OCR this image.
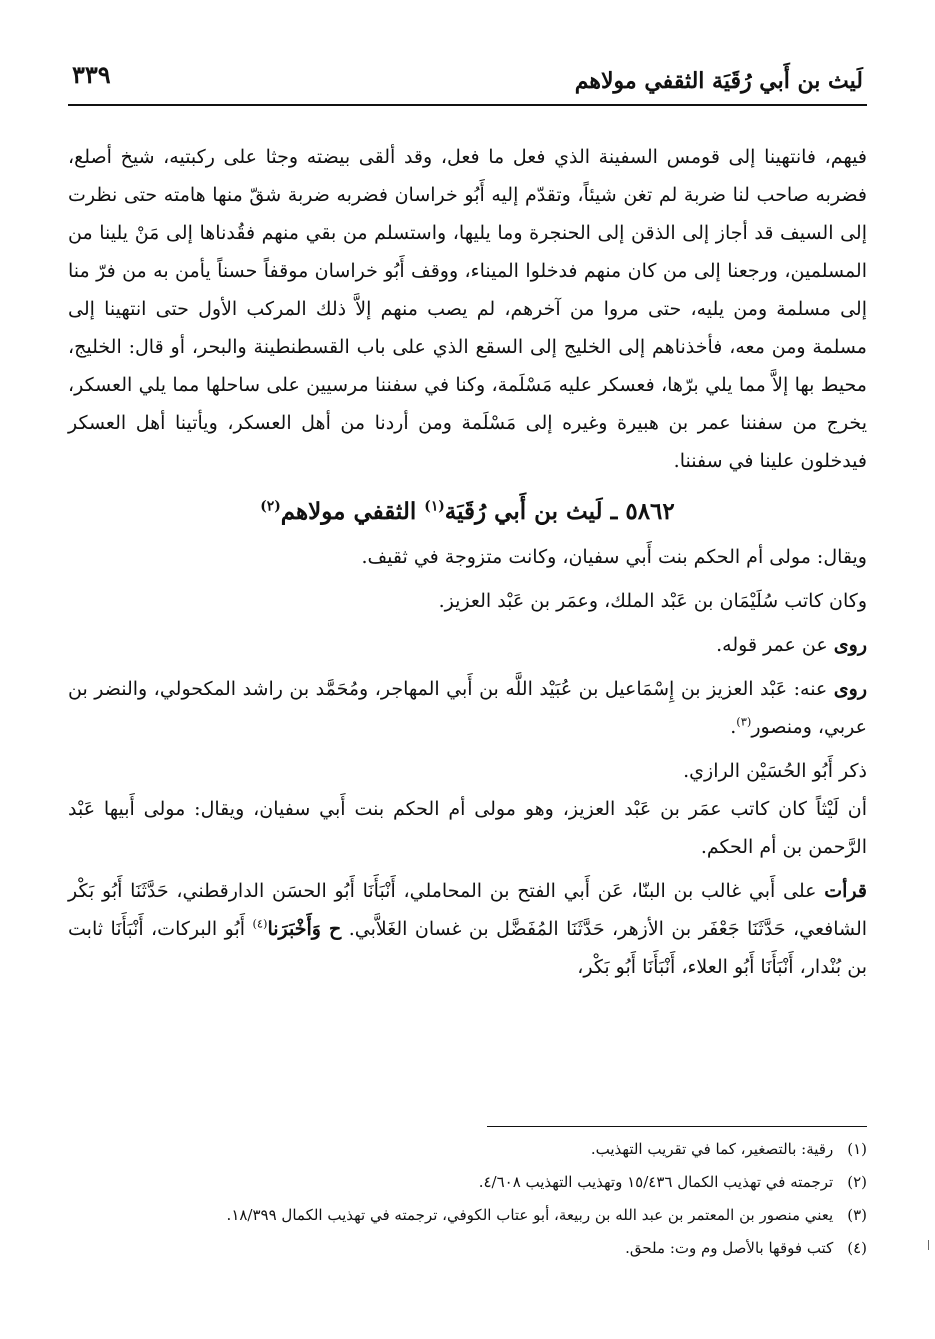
لَيث بن أَبي رُقَيَة الثقفي مولاهم
٣٣٩

فيهم، فانتهينا إلى قومس السفينة الذي فعل ما فعل، وقد ألقى بيضته وجثا على ركبتيه، شيخ أصلع، فضربه صاحب لنا ضربة لم تغن شيئاً، وتقدّم إليه أَبُو خراسان فضربه ضربة شقّ منها هامته حتى نظرت إلى السيف قد أجاز إلى الذقن إلى الحنجرة وما يليها، واستسلم من بقي منهم فقُدناها إلى مَنْ يلينا من المسلمين، ورجعنا إلى من كان منهم فدخلوا الميناء، ووقف أَبُو خراسان موقفاً حسناً يأمن به من فرّ منا إلى مسلمة ومن يليه، حتى مروا من آخرهم، لم يصب منهم إلاَّ ذلك المركب الأول حتى انتهينا إلى مسلمة ومن معه، فأخذناهم إلى الخليج إلى السقع الذي على باب القسطنطينة والبحر، أو قال: الخليج، محيط بها إلاَّ مما يلي برّها، فعسكر عليه مَسْلَمة، وكنا في سفننا مرسيين على ساحلها مما يلي العسكر، يخرج من سفننا عمر بن هبيرة وغيره إلى مَسْلَمة ومن أردنا من أهل العسكر، ويأتينا أهل العسكر فيدخلون علينا في سفننا.

٥٨٦٢ ـ لَيث بن أَبي رُقَيَة$^{(١)}$ الثقفي مولاهم$^{(٢)}$

ويقال: مولى أم الحكم بنت أَبي سفيان، وكانت متزوجة في ثقيف.

وكان كاتب سُلَيْمَان بن عَبْد الملك، وعمَر بن عَبْد العزيز.

روى عن عمر قوله.

روى عنه: عَبْد العزيز بن إِسْمَاعيل بن عُبَيْد اللَّه بن أَبي المهاجر، ومُحَمَّد بن راشد المكحولي، والنضر بن عربي، ومنصور$^{(٣)}$.

ذكر أَبُو الحُسَيْن الرازي.

أن لَيْثاً كان كاتب عمَر بن عَبْد العزيز، وهو مولى أم الحكم بنت أَبي سفيان، ويقال: مولى أَبيها عَبْد الرَّحمن بن أم الحكم.

قرأت على أَبي غالب بن البنّا، عَن أَبي الفتح بن المحاملي، أَنْبَأَنَا أَبُو الحسَن الدارقطني، حَدَّثَنَا أَبُو بَكْر الشافعي، حَدَّثَنَا جَعْفَر بن الأزهر، حَدَّثَنَا المُفَضَّل بن غسان الغَلاَّبي. ح وَأَخْبَرَنا$^{(٤)}$ أَبُو البركات، أَنْبَأَنَا ثابت بن بُنْدار، أَنْبَأَنَا أَبُو العلاء، أَنْبَأَنَا أَبُو بَكْر،

(١)رقية: بالتصغير، كما في تقريب التهذيب.
(٢)ترجمته في تهذيب الكمال ١٥/٤٣٦ وتهذيب التهذيب ٤/٦٠٨.
(٣)يعني منصور بن المعتمر بن عبد الله بن ربيعة، أبو عتاب الكوفي، ترجمته في تهذيب الكمال ١٨/٣٩٩.
(٤)كتب فوقها بالأصل وم وت: ملحق.
